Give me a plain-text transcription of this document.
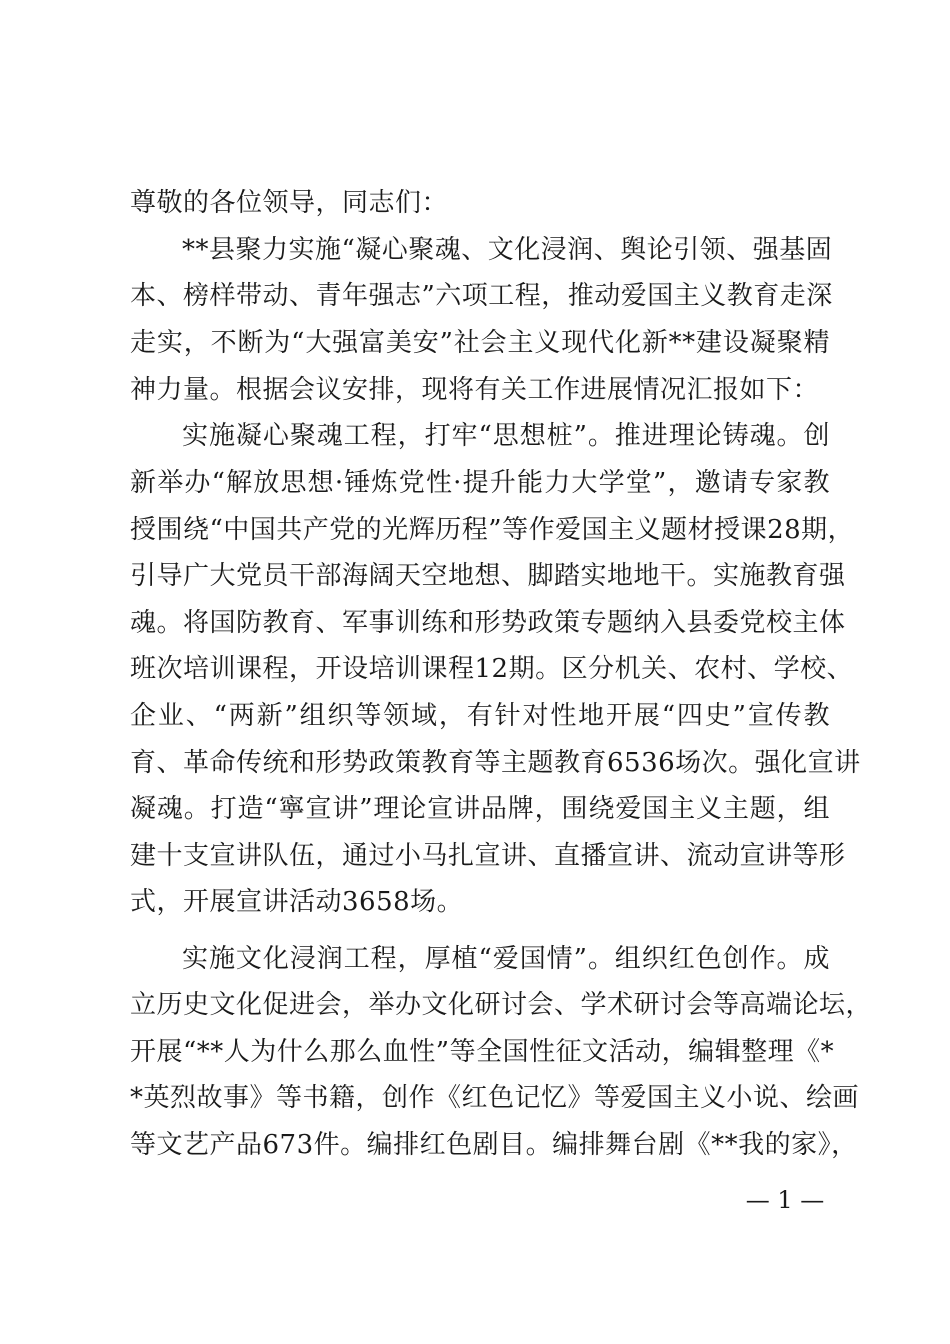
尊敬的各位领导，同志们：
**县聚力实施“凝心聚魂、文化浸润、舆论引领、强基固
本、榜样带动、青年强志”六项工程，推动爱国主义教育走深
走实，不断为“大强富美安”社会主义现代化新**建设凝聚精
神力量。根据会议安排，现将有关工作进展情况汇报如下：
实施凝心聚魂工程，打牢“思想桩”。推进理论铸魂。创
新举办“解放思想·锤炼党性·提升能力大学堂”，邀请专家教
授围绕“中国共产党的光辉历程”等作爱国主义题材授课28期，
引导广大党员干部海阔天空地想、脚踏实地地干。实施教育强
魂。将国防教育、军事训练和形势政策专题纳入县委党校主体
班次培训课程，开设培训课程12期。区分机关、农村、学校、
企业、“两新”组织等领域，有针对性地开展“四史”宣传教
育、革命传统和形势政策教育等主题教育6536场次。强化宣讲
凝魂。打造“寧宣讲”理论宣讲品牌，围绕爱国主义主题，组
建十支宣讲队伍，通过小马扎宣讲、直播宣讲、流动宣讲等形
式，开展宣讲活动3658场。
实施文化浸润工程，厚植“爱国情”。组织红色创作。成
立历史文化促进会，举办文化研讨会、学术研讨会等高端论坛，
开展“**人为什么那么血性”等全国性征文活动，编辑整理《*
*英烈故事》等书籍，创作《红色记忆》等爱国主义小说、绘画
等文艺产品673件。编排红色剧目。编排舞台剧《**我的家》，
— 1 —
